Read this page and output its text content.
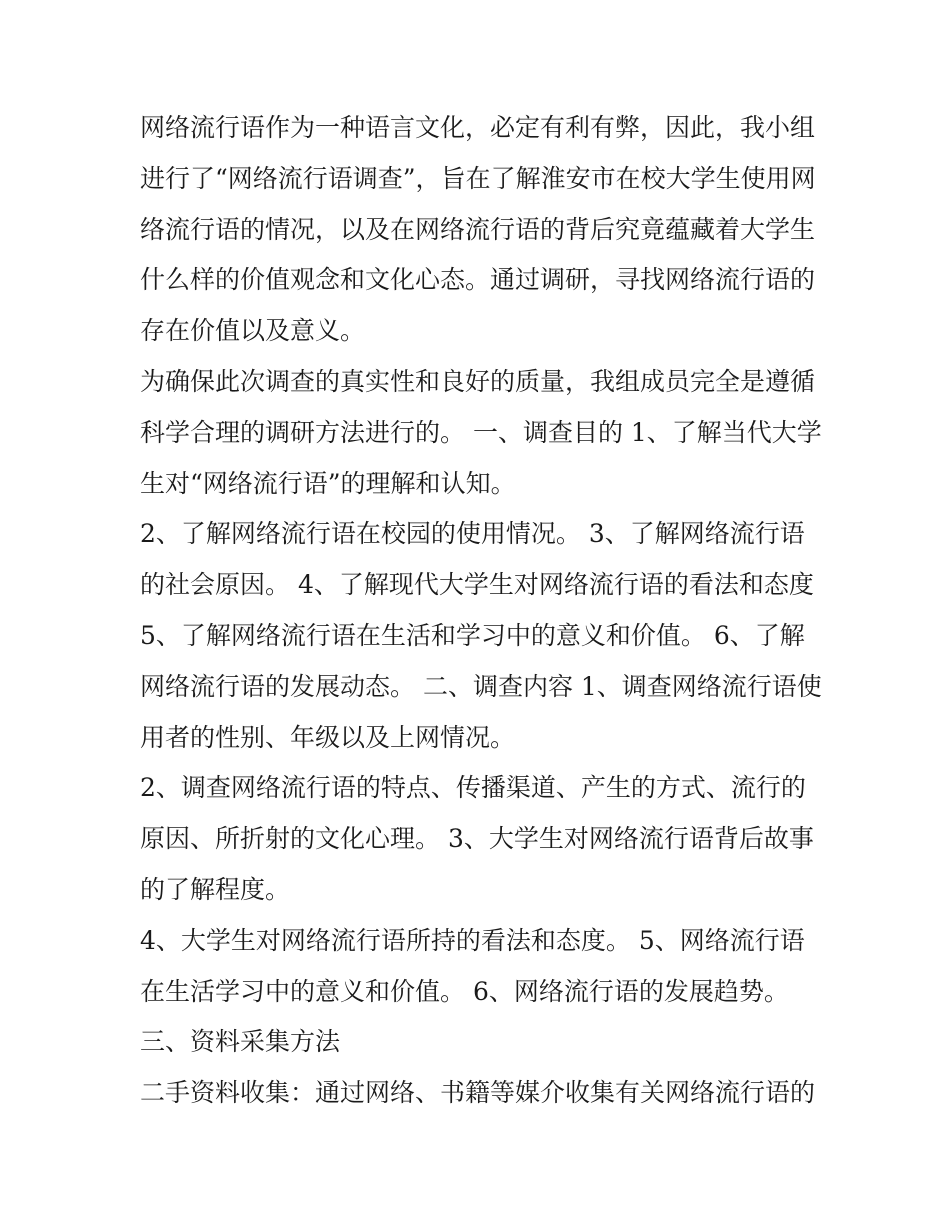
网络流行语作为一种语言文化，必定有利有弊，因此，我小组
进行了“网络流行语调查”，旨在了解淮安市在校大学生使用网
络流行语的情况，以及在网络流行语的背后究竟蕴藏着大学生
什么样的价值观念和文化心态。通过调研，寻找网络流行语的
存在价值以及意义。
为确保此次调查的真实性和良好的质量，我组成员完全是遵循
科学合理的调研方法进行的。 一、调查目的 1、了解当代大学
生对“网络流行语”的理解和认知。
2、了解网络流行语在校园的使用情况。 3、了解网络流行语
的社会原因。 4、了解现代大学生对网络流行语的看法和态度
5、了解网络流行语在生活和学习中的意义和价值。 6、了解
网络流行语的发展动态。 二、调查内容 1、调查网络流行语使
用者的性别、年级以及上网情况。
2、调查网络流行语的特点、传播渠道、产生的方式、流行的
原因、所折射的文化心理。 3、大学生对网络流行语背后故事
的了解程度。
4、大学生对网络流行语所持的看法和态度。 5、网络流行语
在生活学习中的意义和价值。 6、网络流行语的发展趋势。
三、资料采集方法
二手资料收集：通过网络、书籍等媒介收集有关网络流行语的
